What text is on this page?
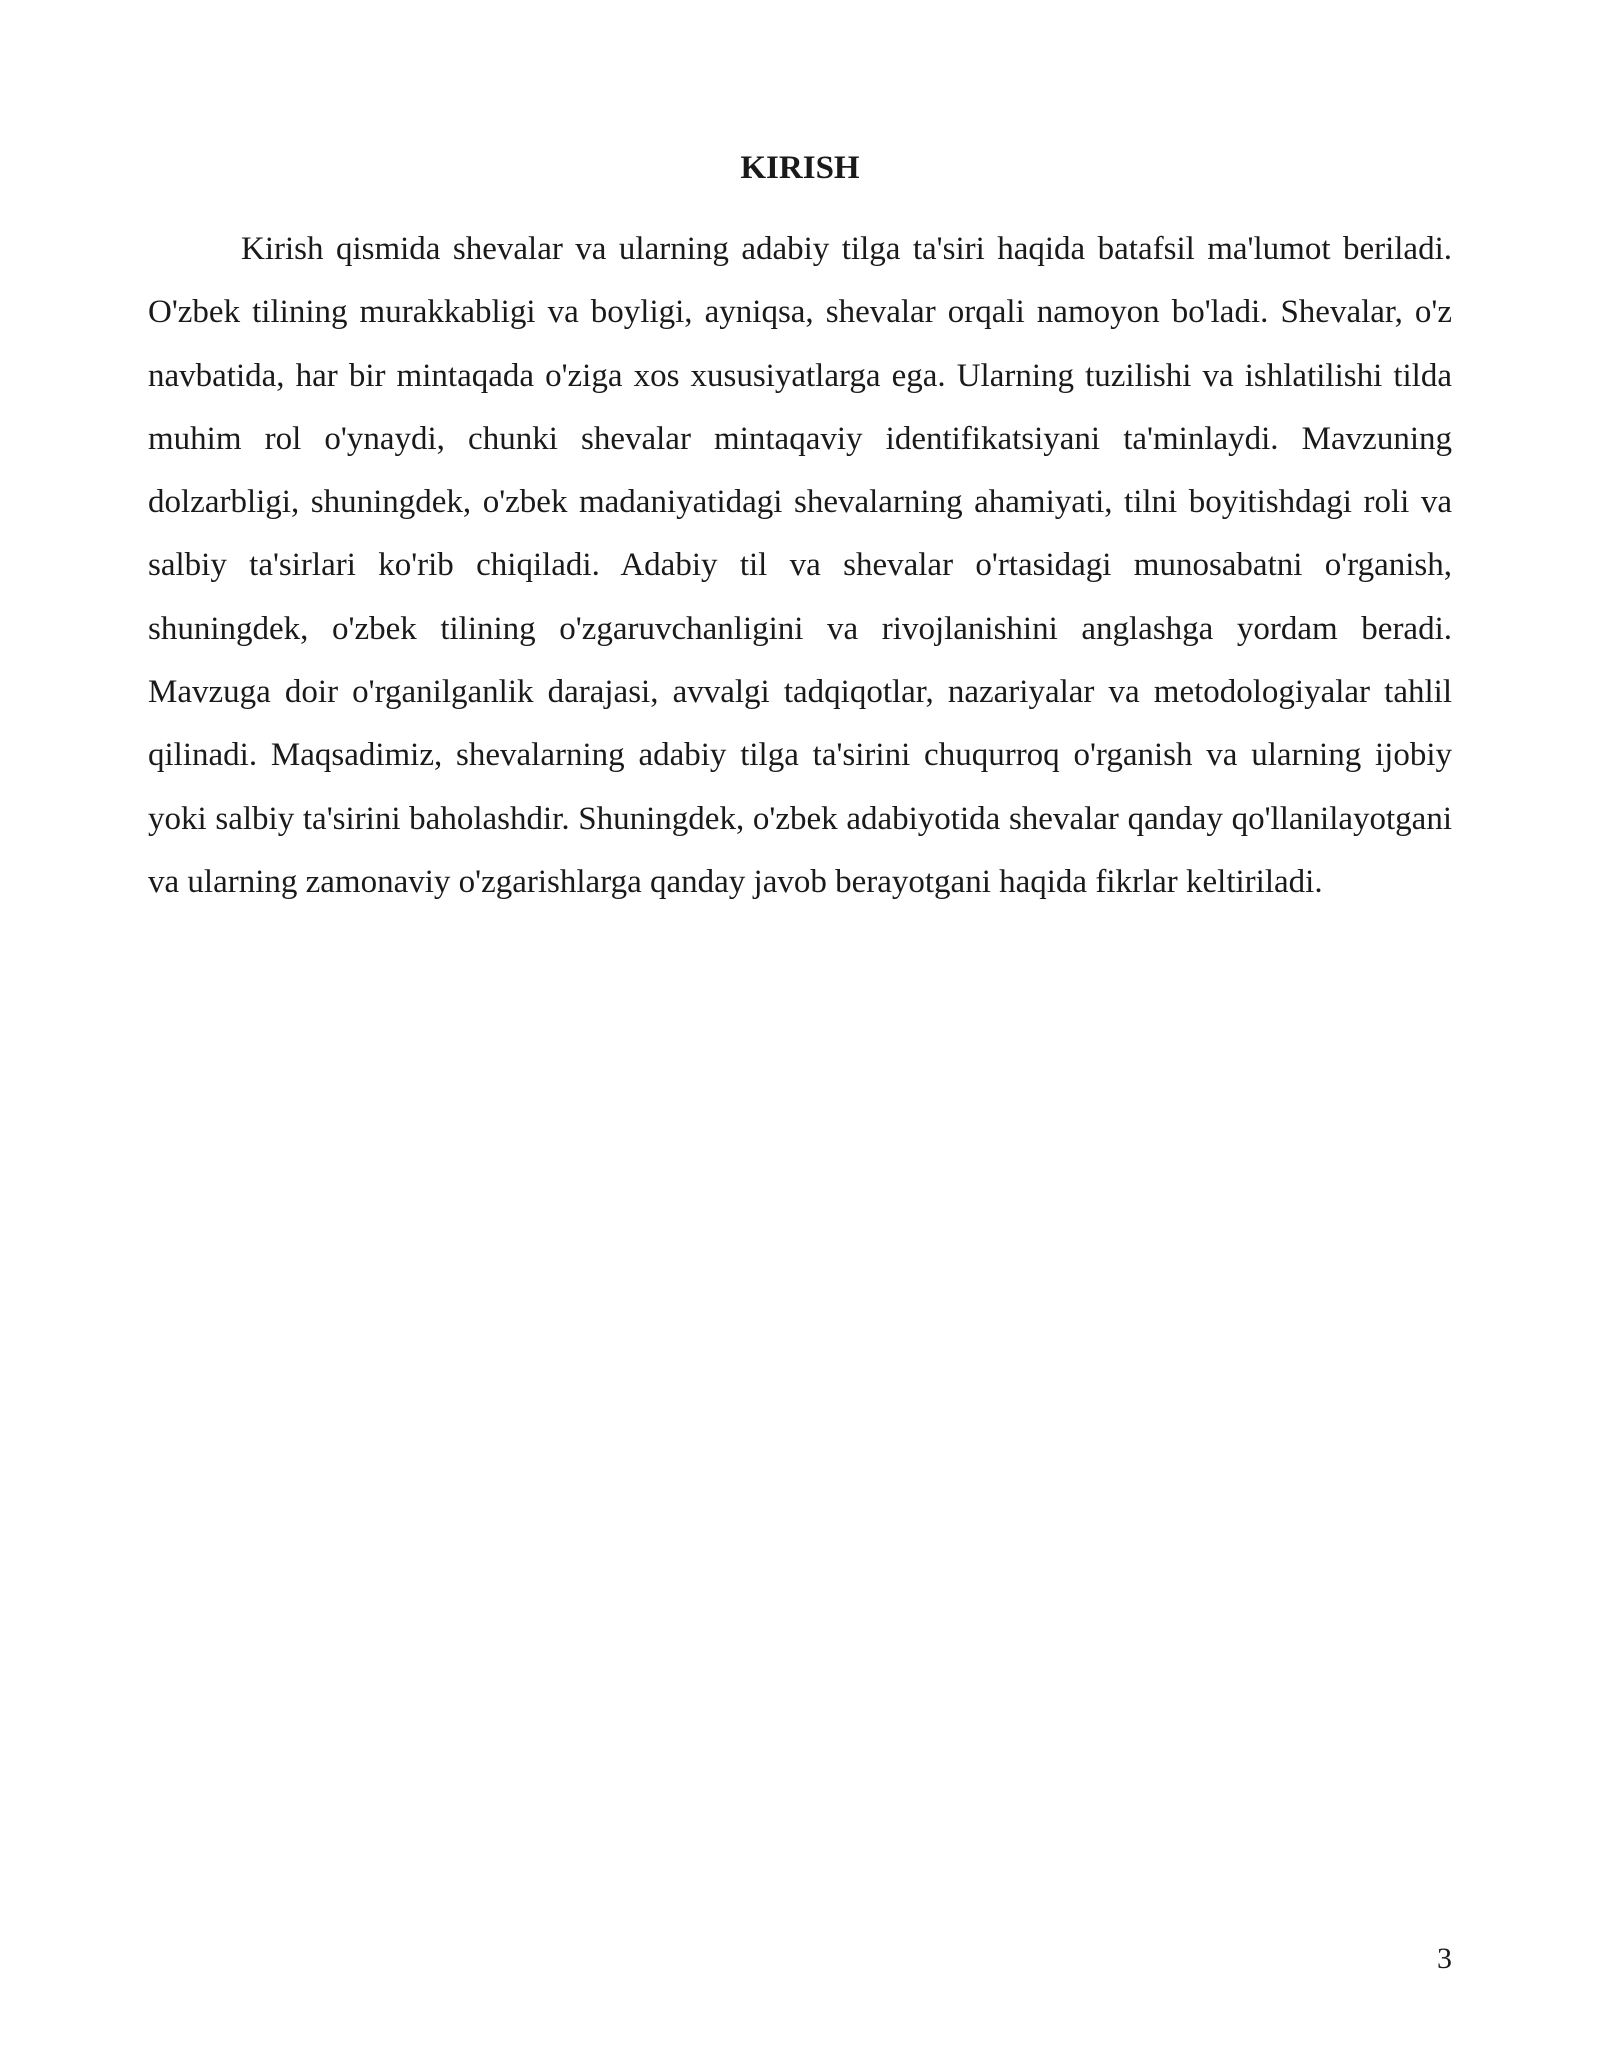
KIRISH

Kirish qismida shevalar va ularning adabiy tilga ta'siri haqida batafsil ma'lumot beriladi. O'zbek tilining murakkabligi va boyligi, ayniqsa, shevalar orqali namoyon bo'ladi. Shevalar, o'z navbatida, har bir mintaqada o'ziga xos xususiyatlarga ega. Ularning tuzilishi va ishlatilishi tilda muhim rol o'ynaydi, chunki shevalar mintaqaviy identifikatsiyani ta'minlaydi. Mavzuning dolzarbligi, shuningdek, o'zbek madaniyatidagi shevalarning ahamiyati, tilni boyitishdagi roli va salbiy ta'sirlari ko'rib chiqiladi. Adabiy til va shevalar o'rtasidagi munosabatni o'rganish, shuningdek, o'zbek tilining o'zgaruvchanligini va rivojlanishini anglashga yordam beradi. Mavzuga doir o'rganilganlik darajasi, avvalgi tadqiqotlar, nazariyalar va metodologiyalar tahlil qilinadi. Maqsadimiz, shevalarning adabiy tilga ta'sirini chuqurroq o'rganish va ularning ijobiy yoki salbiy ta'sirini baholashdir. Shuningdek, o'zbek adabiyotida shevalar qanday qo'llanilayotgani va ularning zamonaviy o'zgarishlarga qanday javob berayotgani haqida fikrlar keltiriladi.

3
